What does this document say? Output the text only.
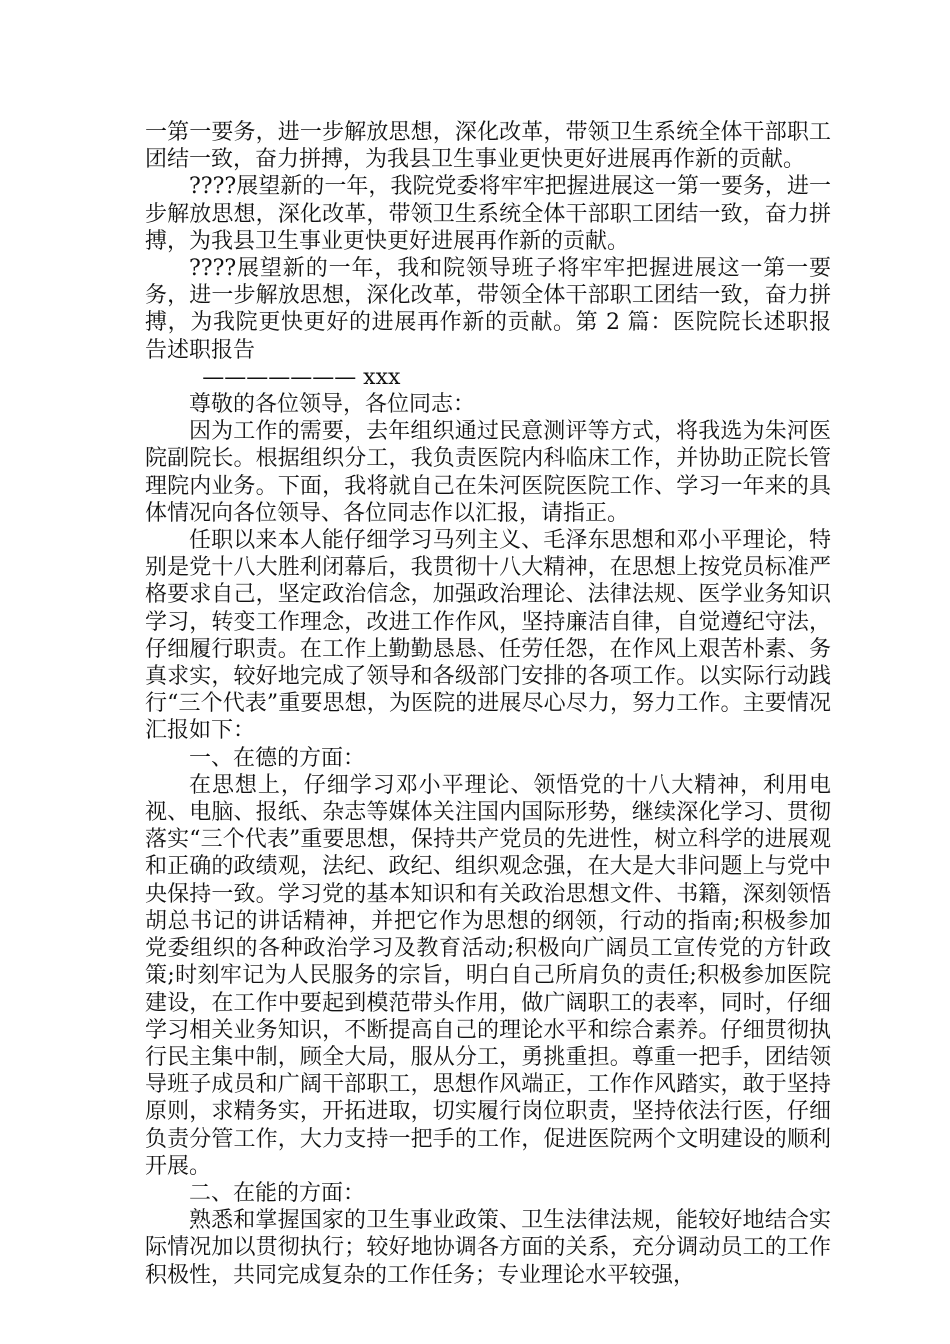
一第一要务，进一步解放思想，深化改革，带领卫生系统全体干部职工团结一致，奋力拼搏，为我县卫生事业更快更好进展再作新的贡献。

????展望新的一年，我院党委将牢牢把握进展这一第一要务，进一步解放思想，深化改革，带领卫生系统全体干部职工团结一致，奋力拼搏，为我县卫生事业更快更好进展再作新的贡献。

????展望新的一年，我和院领导班子将牢牢把握进展这一第一要务，进一步解放思想，深化改革，带领全体干部职工团结一致，奋力拼搏，为我院更快更好的进展再作新的贡献。第 2 篇：医院院长述职报告述职报告

——————— xxx

尊敬的各位领导，各位同志：

因为工作的需要，去年组织通过民意测评等方式，将我选为朱河医院副院长。根据组织分工，我负责医院内科临床工作，并协助正院长管理院内业务。下面，我将就自己在朱河医院医院工作、学习一年来的具体情况向各位领导、各位同志作以汇报，请指正。

任职以来本人能仔细学习马列主义、毛泽东思想和邓小平理论，特别是党十八大胜利闭幕后，我贯彻十八大精神，在思想上按党员标准严格要求自己，坚定政治信念，加强政治理论、法律法规、医学业务知识学习，转变工作理念，改进工作作风，坚持廉洁自律，自觉遵纪守法，仔细履行职责。在工作上勤勤恳恳、任劳任怨，在作风上艰苦朴素、务真求实，较好地完成了领导和各级部门安排的各项工作。以实际行动践行“三个代表”重要思想，为医院的进展尽心尽力，努力工作。主要情况汇报如下：

一、在德的方面：

在思想上，仔细学习邓小平理论、领悟党的十八大精神，利用电视、电脑、报纸、杂志等媒体关注国内国际形势，继续深化学习、贯彻落实“三个代表”重要思想，保持共产党员的先进性，树立科学的进展观和正确的政绩观，法纪、政纪、组织观念强，在大是大非问题上与党中央保持一致。学习党的基本知识和有关政治思想文件、书籍，深刻领悟胡总书记的讲话精神，并把它作为思想的纲领，行动的指南;积极参加党委组织的各种政治学习及教育活动;积极向广阔员工宣传党的方针政策;时刻牢记为人民服务的宗旨，明白自己所肩负的责任;积极参加医院建设，在工作中要起到模范带头作用，做广阔职工的表率，同时，仔细学习相关业务知识，不断提高自己的理论水平和综合素养。仔细贯彻执行民主集中制，顾全大局，服从分工，勇挑重担。尊重一把手，团结领导班子成员和广阔干部职工，思想作风端正，工作作风踏实，敢于坚持原则，求精务实，开拓进取，切实履行岗位职责，坚持依法行医，仔细负责分管工作，大力支持一把手的工作，促进医院两个文明建设的顺利开展。

二、在能的方面：

熟悉和掌握国家的卫生事业政策、卫生法律法规，能较好地结合实际情况加以贯彻执行；较好地协调各方面的关系，充分调动员工的工作积极性，共同完成复杂的工作任务；专业理论水平较强，
